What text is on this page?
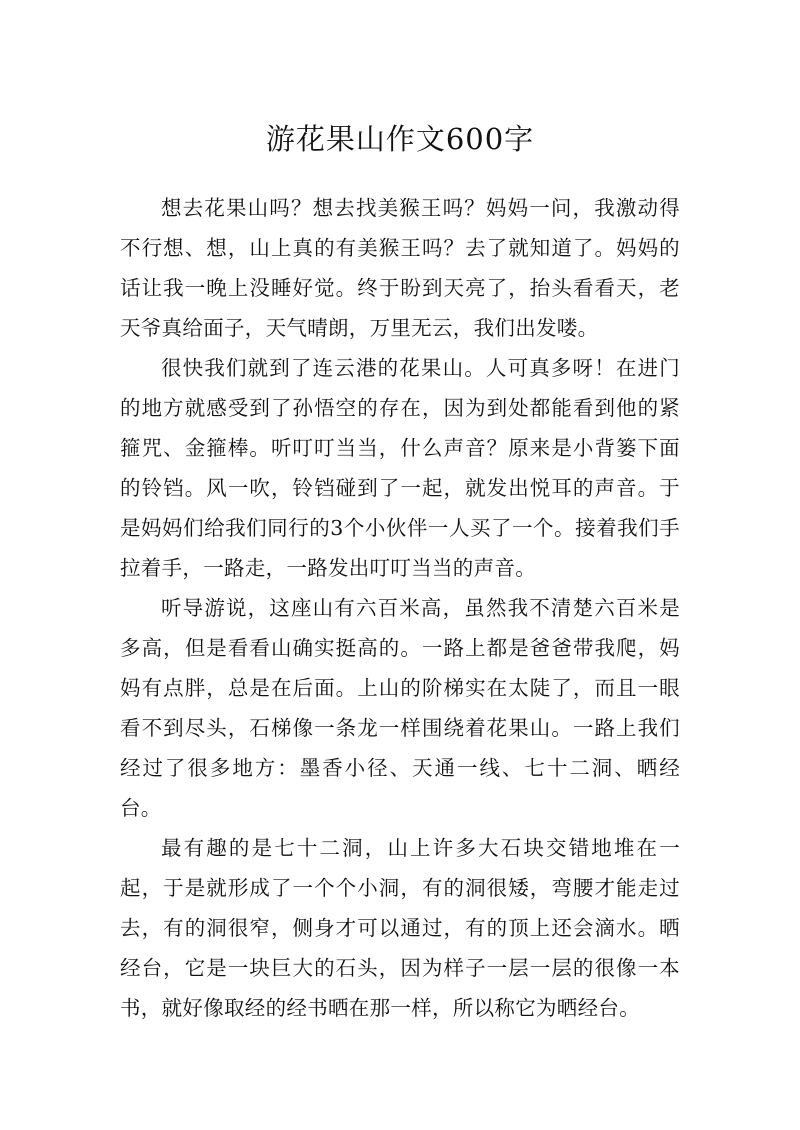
游花果山作文600字

想去花果山吗？想去找美猴王吗？妈妈一问，我激动得不行想、想，山上真的有美猴王吗？去了就知道了。妈妈的话让我一晚上没睡好觉。终于盼到天亮了，抬头看看天，老天爷真给面子，天气晴朗，万里无云，我们出发喽。

很快我们就到了连云港的花果山。人可真多呀！在进门的地方就感受到了孙悟空的存在，因为到处都能看到他的紧箍咒、金箍棒。听叮叮当当，什么声音？原来是小背篓下面的铃铛。风一吹，铃铛碰到了一起，就发出悦耳的声音。于是妈妈们给我们同行的3个小伙伴一人买了一个。接着我们手拉着手，一路走，一路发出叮叮当当的声音。

听导游说，这座山有六百米高，虽然我不清楚六百米是多高，但是看看山确实挺高的。一路上都是爸爸带我爬，妈妈有点胖，总是在后面。上山的阶梯实在太陡了，而且一眼看不到尽头，石梯像一条龙一样围绕着花果山。一路上我们经过了很多地方：墨香小径、天通一线、七十二洞、晒经台。

最有趣的是七十二洞，山上许多大石块交错地堆在一起，于是就形成了一个个小洞，有的洞很矮，弯腰才能走过去，有的洞很窄，侧身才可以通过，有的顶上还会滴水。晒经台，它是一块巨大的石头，因为样子一层一层的很像一本书，就好像取经的经书晒在那一样，所以称它为晒经台。
